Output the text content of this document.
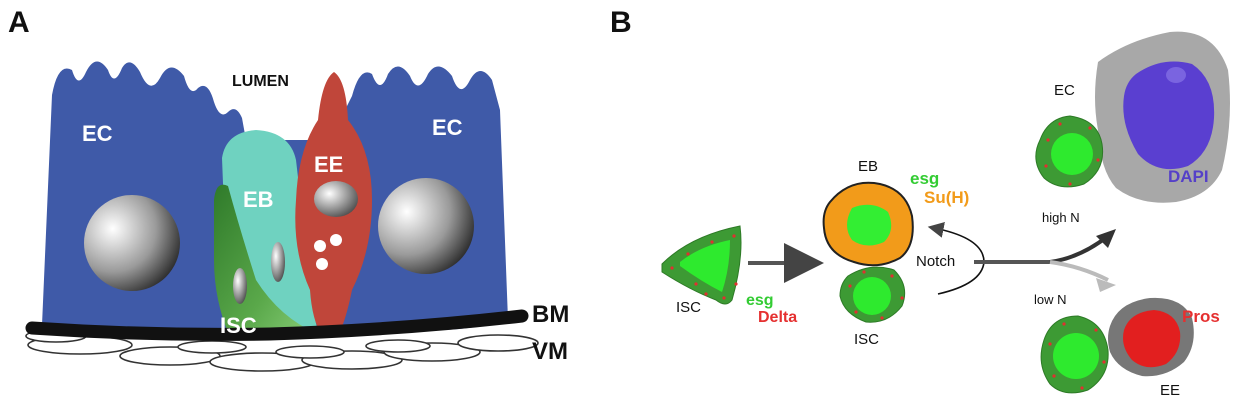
A
LUMEN
EC	EC
EB
EE
ISC	BM
VM
B
ISC	esg
Delta
EB
esg
Su(H)
ISC
Notch
high N
low N
EC
DAPI
Pros
EE
